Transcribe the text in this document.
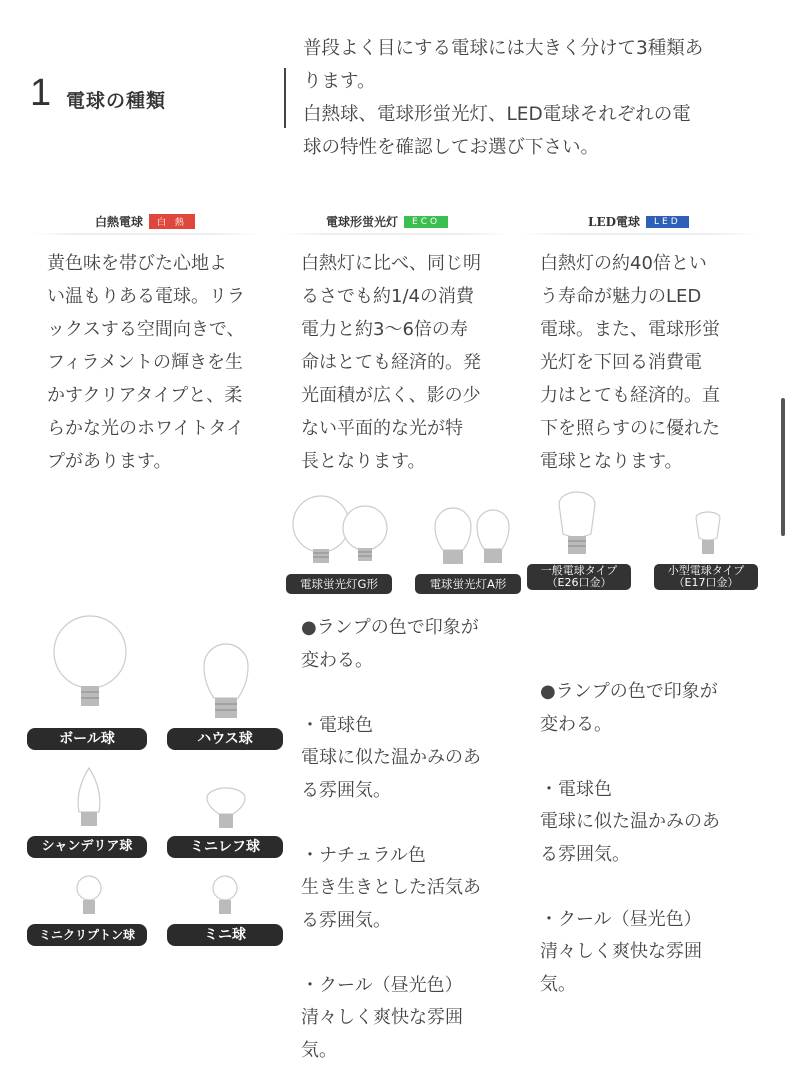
1 電球の種類

普段よく目にする電球には大きく分けて3種類あ

ります。

白熱球、電球形蛍光灯、LED電球それぞれの電

球の特性を確認してお選び下さい。

白熱電球	白 熱	電球形蛍光灯	ECO	LED電球	LED
黄色味を帯びた心地よ
い温もりある電球。リラ
ックスする空間向きで、
フィラメントの輝きを生
かすクリアタイプと、柔
らかな光のホワイトタイ
プがあります。
白熱灯に比べ、同じ明
るさでも約1/4の消費
電力と約3〜6倍の寿
命はとても経済的。発
光面積が広く、影の少
ない平面的な光が特
長となります。
白熱灯の約40倍とい
う寿命が魅力のLED
電球。また、電球形蛍
光灯を下回る消費電
力はとても経済的。直
下を照らすのに優れた
電球となります。
電球蛍光灯G形	電球蛍光灯A形
一般電球タイプ
（E26口金）
小型電球タイプ
（E17口金）
ボール球	ハウス球
シャンデリア球	ミニレフ球
ミニクリプトン球	ミニ球
●ランプの色で印象が
変わる。

・電球色
電球に似た温かみのあ
る雰囲気。

・ナチュラル色
生き生きとした活気あ
る雰囲気。

・クール（昼光色）
清々しく爽快な雰囲
気。
●ランプの色で印象が
変わる。

・電球色
電球に似た温かみのあ
る雰囲気。

・クール（昼光色）
清々しく爽快な雰囲
気。
